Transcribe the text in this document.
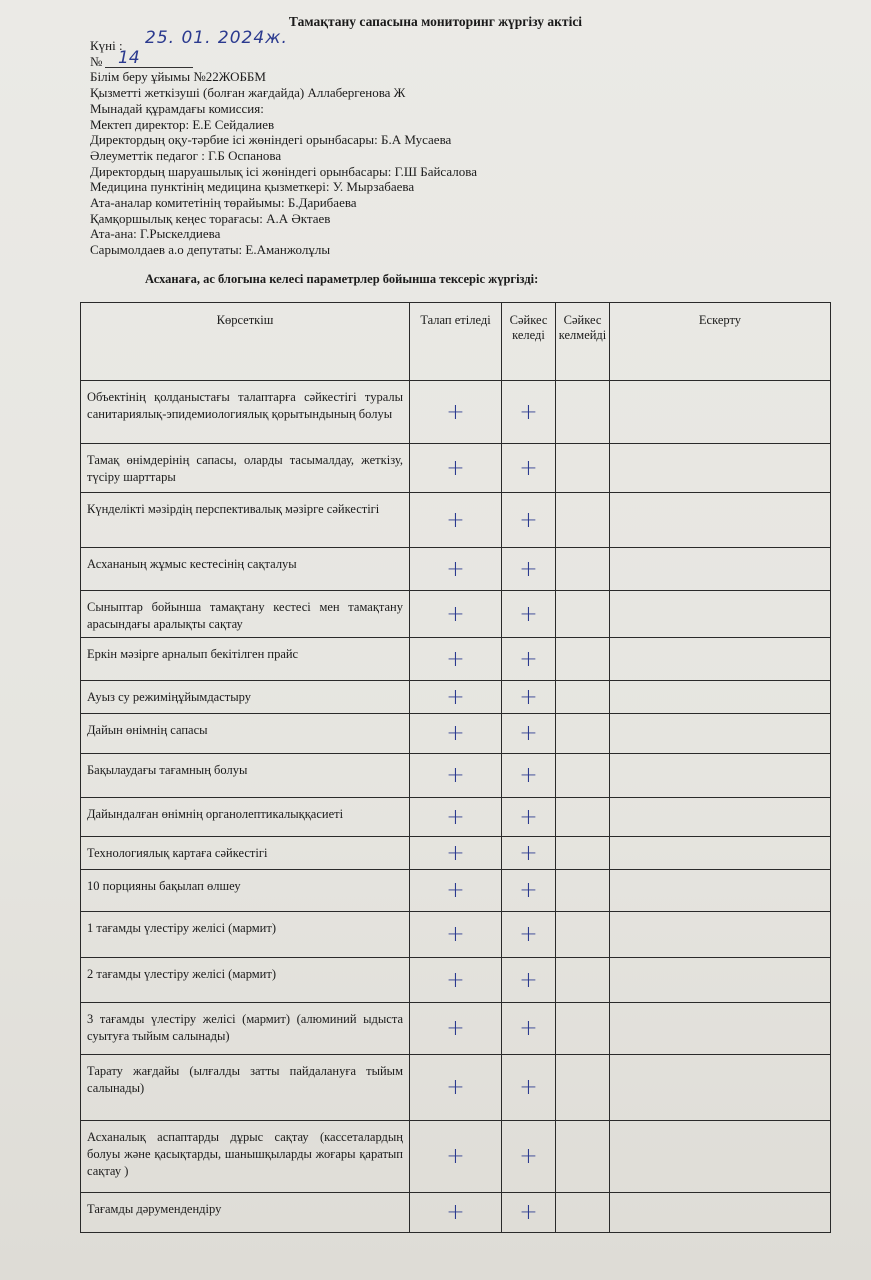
Тамақтану сапасына мониторинг жүргізу актісі
Күні :
№
Білім беру ұйымы №22ЖОББМ
Қызметті жеткізуші (болған жағдайда) Аллабергенова Ж
Мынадай құрамдағы комиссия:
Мектеп директор: Е.Е Сейдалиев
Директордың оқу-тәрбие ісі жөніндегі орынбасары: Б.А Мусаева
Әлеуметтік педагог : Г.Б Оспанова
Директордың шаруашылық ісі жөніндегі орынбасары: Г.Ш Байсалова
Медицина пунктінің медицина қызметкері: У. Мырзабаева
Ата-аналар комитетінің төрайымы: Б.Дарибаева
Қамқоршылық кеңес торағасы: А.А Әктаев
Ата-ана: Г.Рыскелдиева
Сарымолдаев а.о депутаты: Е.Аманжолұлы
25. 01. 2024ж.
14
Асханаға, ас блогына келесі параметрлер бойынша тексеріс жүргізді:
Көрсеткіш	Талап етіледі	Сәйкес келеді	Сәйкес келмейді	Ескерту
Объектінің қолданыстағы талаптарға сәйкестігі туралы санитариялық-эпидемиологиялық қорытындының болуы	+	+		
Тамақ өнімдерінің сапасы, оларды тасымалдау, жеткізу, түсіру шарттары	+	+		
Күнделікті мәзірдің перспективалық мәзірге сәйкестігі	+	+		
Асхананың жұмыс кестесінің сақталуы	+	+		
Сыныптар бойынша тамақтану кестесі мен тамақтану арасындағы аралықты сақтау	+	+		
Еркін мәзірге арналып бекітілген прайс	+	+		
Ауыз су режиміңұйымдастыру	+	+		
Дайын өнімнің сапасы	+	+		
Бақылаудағы тағамның болуы	+	+		
Дайындалған өнімнің органолептикалыққасиеті	+	+		
Технологиялық картаға сәйкестігі	+	+		
10 порцияны бақылап өлшеу	+	+		
1 тағамды үлестіру желісі (мармит)	+	+		
2 тағамды үлестіру желісі (мармит)	+	+		
3 тағамды үлестіру желісі (мармит) (алюминий ыдыста суытуға тыйым салынады)	+	+		
Тарату жағдайы (ылғалды затты пайдалануға тыйым салынады)	+	+		
Асханалық аспаптарды дұрыс сақтау (кассеталардың болуы және қасықтарды, шанышқыларды жоғары қаратып сақтау )	+	+		
Тағамды дәрумендендіру	+	+		
